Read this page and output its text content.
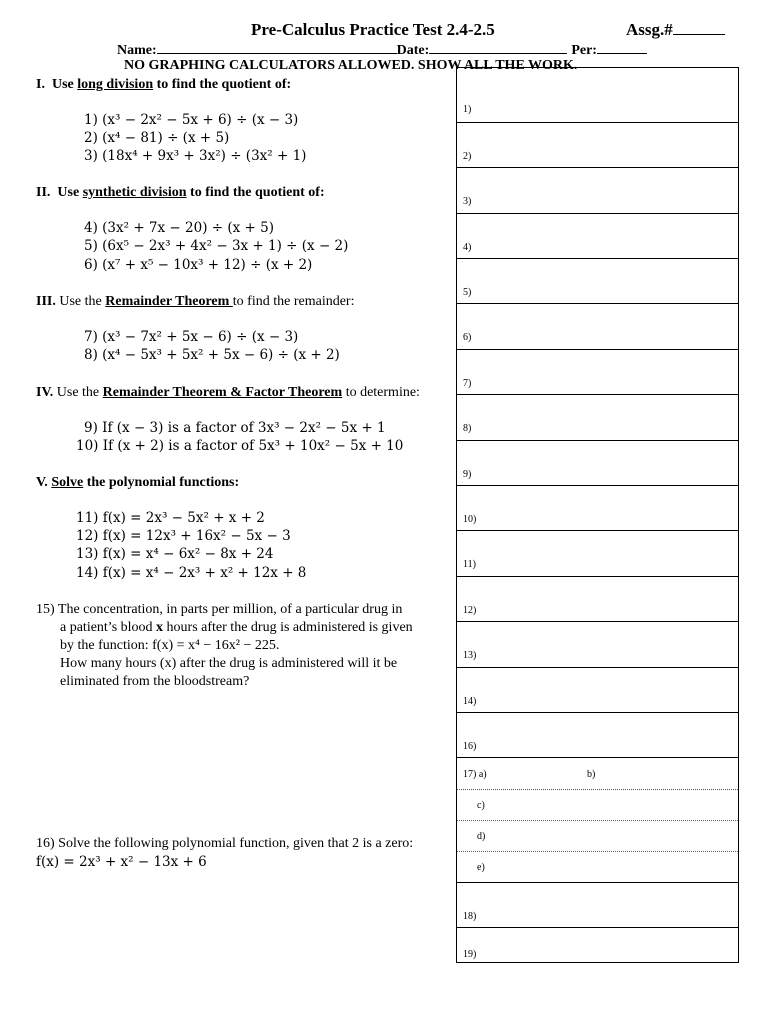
Pre-Calculus Practice Test 2.4-2.5	Assg.#
Name:	Date:	Per:
NO GRAPHING CALCULATORS ALLOWED. SHOW ALL THE WORK.
I. Use long division to find the quotient of:
1) (x³ − 2x² − 5x + 6) ÷ (x − 3)
2) (x⁴ − 81) ÷ (x + 5)
3) (18x⁴ + 9x³ + 3x²) ÷ (3x² + 1)
II. Use synthetic division to find the quotient of:
4) (3x² + 7x − 20) ÷ (x + 5)
5) (6x⁵ − 2x³ + 4x² − 3x + 1) ÷ (x − 2)
6) (x⁷ + x⁵ − 10x³ + 12) ÷ (x + 2)
III. Use the Remainder Theorem to find the remainder:
7) (x³ − 7x² + 5x − 6) ÷ (x − 3)
8) (x⁴ − 5x³ + 5x² + 5x − 6) ÷ (x + 2)
IV. Use the Remainder Theorem & Factor Theorem to determine:
9) If (x − 3) is a factor of 3x³ − 2x² − 5x + 1
10) If (x + 2) is a factor of 5x³ + 10x² − 5x + 10
V. Solve the polynomial functions:
11) f(x) = 2x³ − 5x² + x + 2
12) f(x) = 12x³ + 16x² − 5x − 3
13) f(x) = x⁴ − 6x² − 8x + 24
14) f(x) = x⁴ − 2x³ + x² + 12x + 8
15) The concentration, in parts per million, of a particular drug in
a patient’s blood x hours after the drug is administered is given
by the function: f(x) = x⁴ − 16x² − 225.
How many hours (x) after the drug is administered will it be
eliminated from the bloodstream?
16) Solve the following polynomial function, given that 2 is a zero:
f(x) = 2x³ + x² − 13x + 6
1)
2)
3)
4)
5)
6)
7)
8)
9)
10)
11)
12)
13)
14)
16)
17) a)	b)
c)
d)
e)
18)
19)
